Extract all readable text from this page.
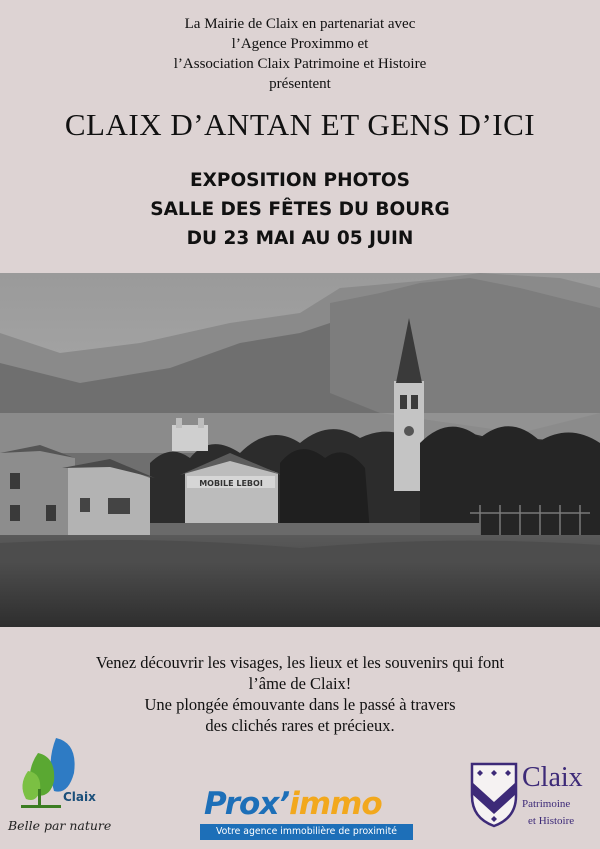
La Mairie de Claix en partenariat avec
l’Agence Proximmo et
l’Association Claix Patrimoine et Histoire
présentent
CLAIX D’ANTAN ET GENS D’ICI
EXPOSITION PHOTOS
SALLE DES FÊTES DU BOURG
DU 23 MAI AU 05 JUIN
MOBILE LEBOI
Venez découvrir les visages, les lieux et les souvenirs qui font
l’âme de Claix!
Une plongée émouvante dans le passé à travers
des clichés rares et précieux.
Claix
Belle par nature
Prox’immo
Votre agence immobilière de proximité
Claix
Patrimoine
et Histoire
